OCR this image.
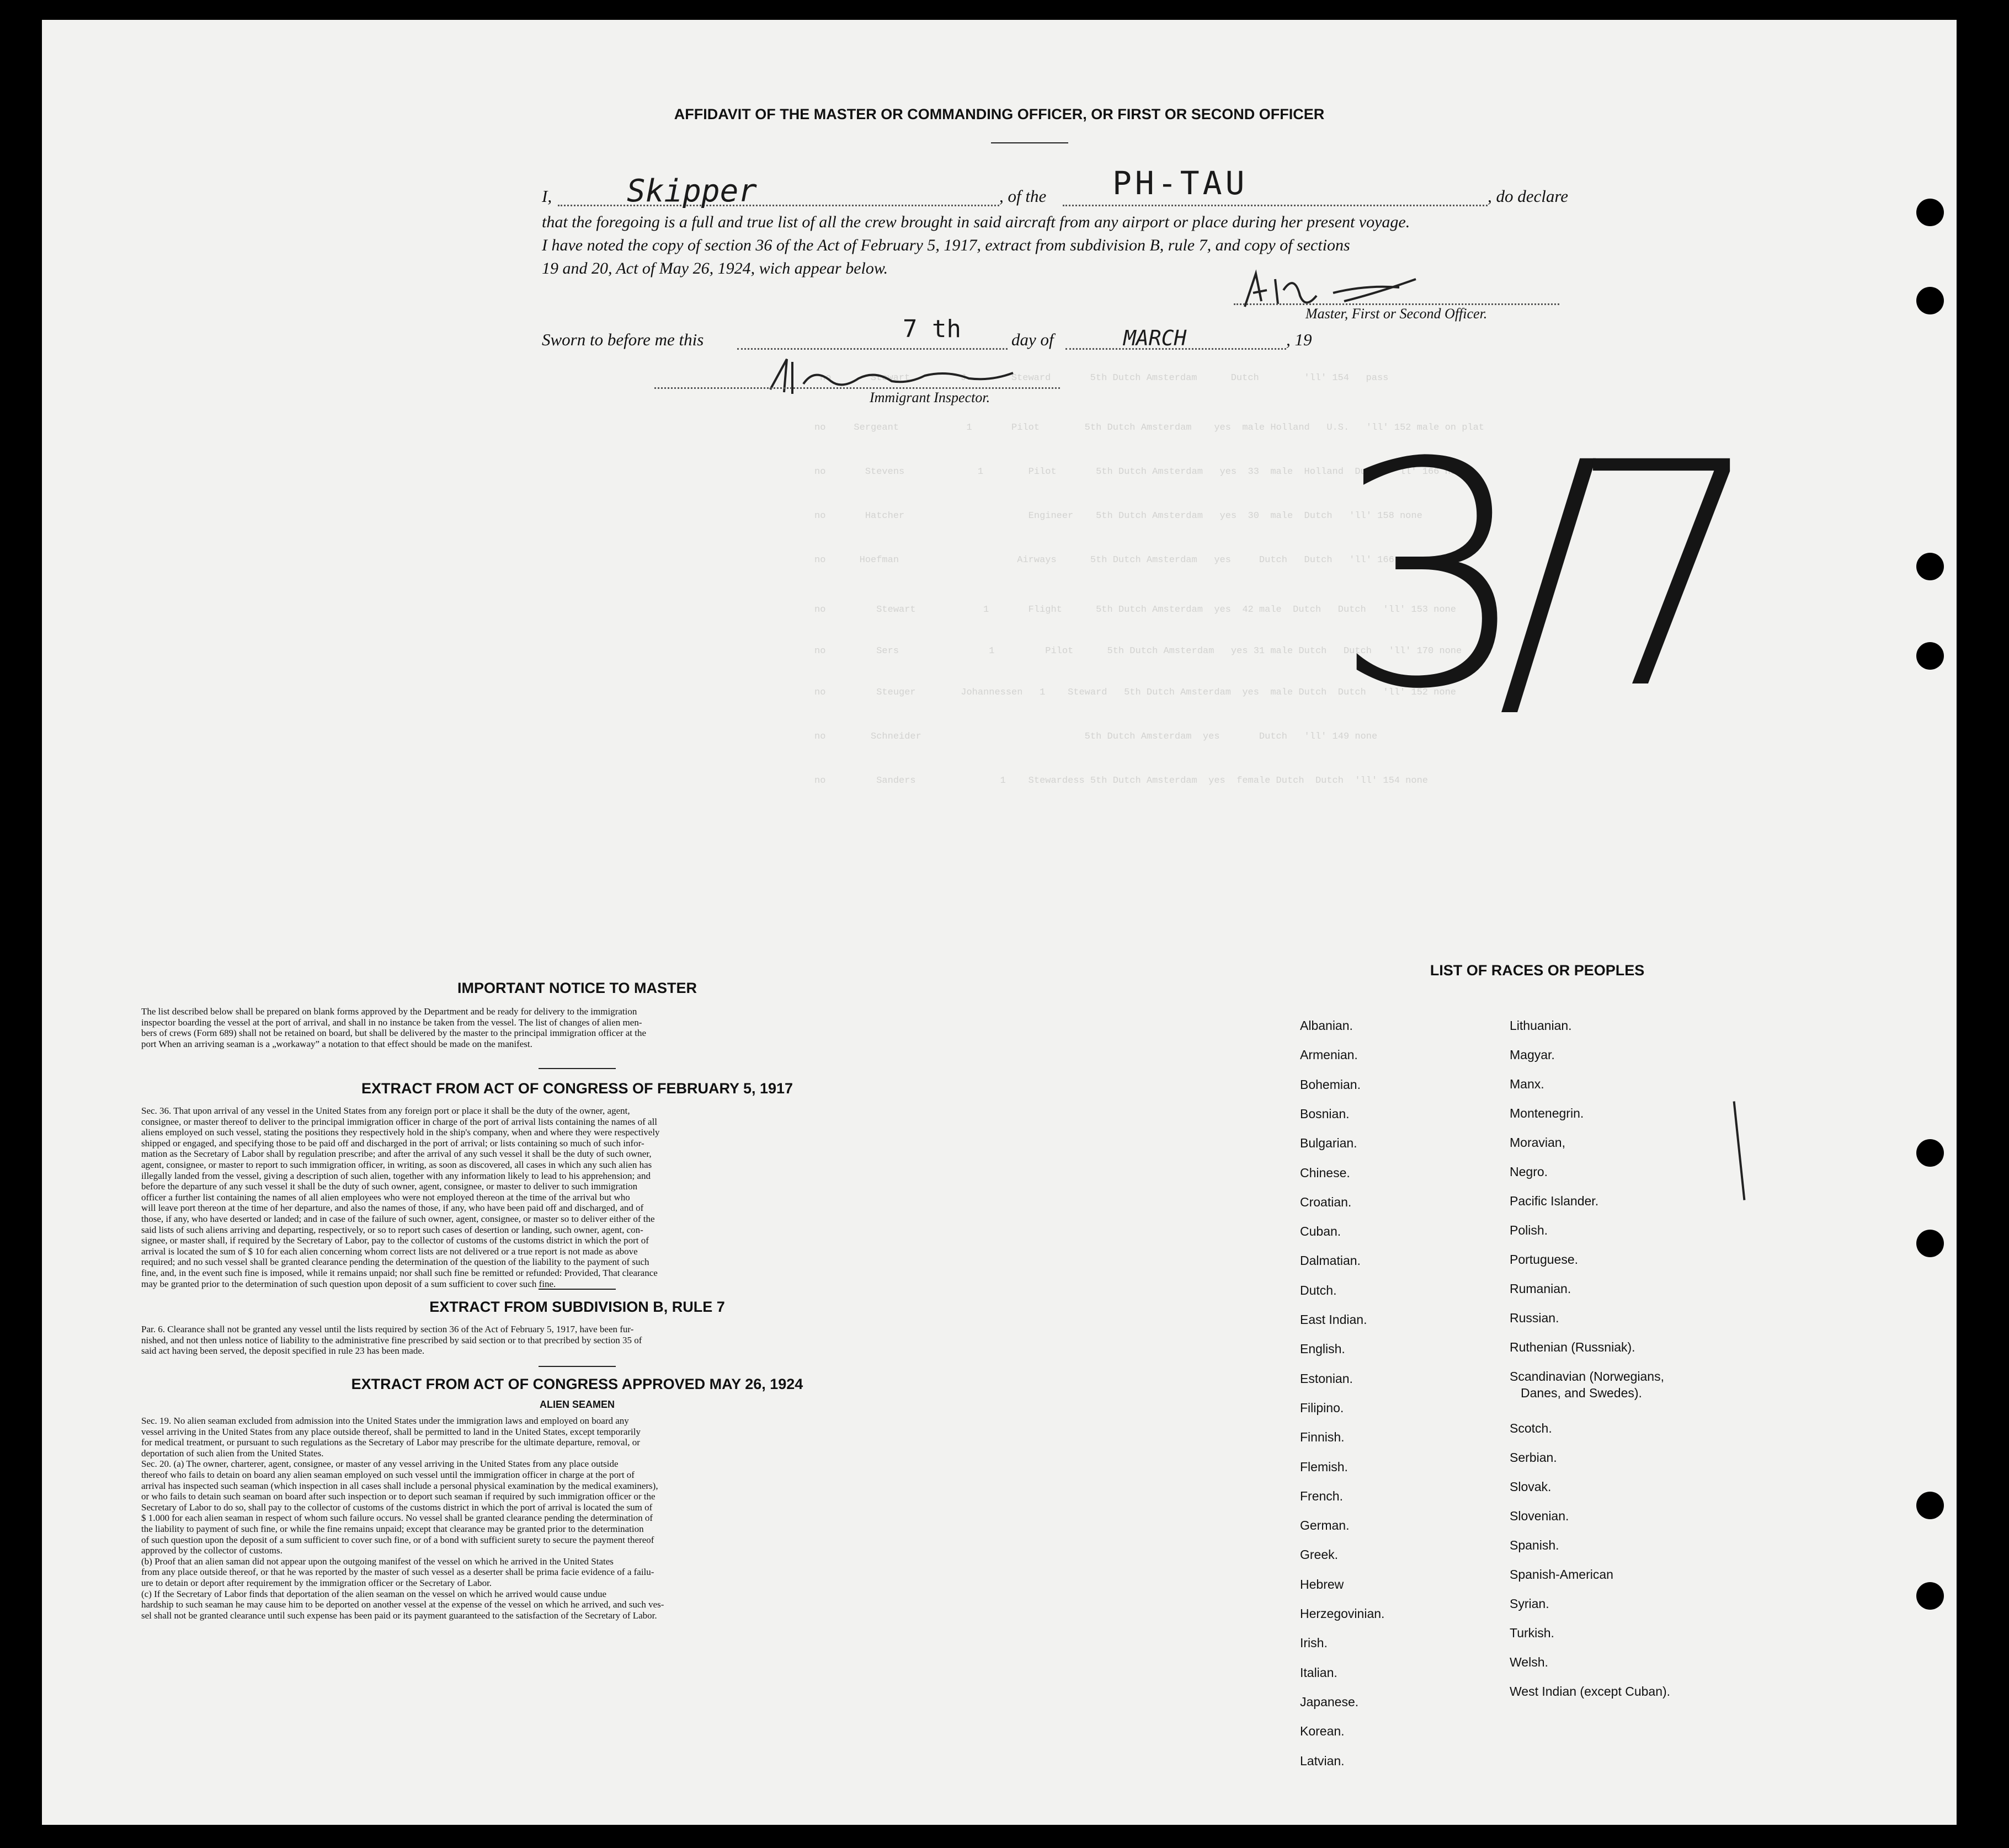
no       Stewart         J        Steward       5th Dutch Amsterdam      Dutch        'll' 154   pass
no     Sergeant            1       Pilot        5th Dutch Amsterdam    yes  male Holland   U.S.   'll' 152 male on plat
no       Stevens             1        Pilot       5th Dutch Amsterdam   yes  33  male  Holland  Dutch  'll' 166 none
no       Hatcher                      Engineer    5th Dutch Amsterdam   yes  30  male  Dutch   'll' 158 none
no      Hoefman                     Airways      5th Dutch Amsterdam   yes     Dutch   Dutch   'll' 166 none
no         Stewart            1       Flight      5th Dutch Amsterdam  yes  42 male  Dutch   Dutch   'll' 153 none
no         Sers                1         Pilot      5th Dutch Amsterdam   yes 31 male Dutch   Dutch   'll' 170 none
no         Steuger        Johannessen   1    Steward   5th Dutch Amsterdam  yes  male Dutch  Dutch   'll' 152 none
no        Schneider                             5th Dutch Amsterdam  yes       Dutch   'll' 149 none
no         Sanders               1    Stewardess 5th Dutch Amsterdam  yes  female Dutch  Dutch  'll' 154 none
AFFIDAVIT OF THE MASTER OR COMMANDING OFFICER, OR FIRST OR SECOND OFFICER
I, Skipper	, of the PH-TAU	, do declare
that the foregoing is a full and true list of all the crew brought in said aircraft from any airport or place during her present voyage.
I have noted the copy of section 36 of the Act of February 5, 1917, extract from subdivision B, rule 7, and copy of sections
19 and 20, Act of May 26, 1924, wich appear below.
Master, First or Second Officer.
Sworn to before me this	7 th	day of	MARCH	, 19
Immigrant Inspector. 3/7
IMPORTANT NOTICE TO MASTER
The list described below shall be prepared on blank forms approved by the Department and be ready for delivery to the immigration
inspector boarding the vessel at the port of arrival, and shall in no instance be taken from the vessel. The list of changes of alien men-
bers of crews (Form 689) shall not be retained on board, but shall be delivered by the master to the principal immigration officer at the
port When an arriving seaman is a „workaway” a notation to that effect should be made on the manifest.
EXTRACT FROM ACT OF CONGRESS OF FEBRUARY 5, 1917
Sec. 36. That upon arrival of any vessel in the United States from any foreign port or place it shall be the duty of the owner, agent,
consignee, or master thereof to deliver to the principal immigration officer in charge of the port of arrival lists containing the names of all
aliens employed on such vessel, stating the positions they respectively hold in the ship's company, when and where they were respectively
shipped or engaged, and specifying those to be paid off and discharged in the port of arrival; or lists containing so much of such infor-
mation as the Secretary of Labor shall by regulation prescribe; and after the arrival of any such vessel it shall be the duty of such owner,
agent, consignee, or master to report to such immigration officer, in writing, as soon as discovered, all cases in which any such alien has
illegally landed from the vessel, giving a description of such alien, together with any information likely to lead to his apprehension; and
before the departure of any such vessel it shall be the duty of such owner, agent, consignee, or master to deliver to such immigration
officer a further list containing the names of all alien employees who were not employed thereon at the time of the arrival but who
will leave port thereon at the time of her departure, and also the names of those, if any, who have been paid off and discharged, and of
those, if any, who have deserted or landed; and in case of the failure of such owner, agent, consignee, or master so to deliver either of the
said lists of such aliens arriving and departing, respectively, or so to report such cases of desertion or landing, such owner, agent, con-
signee, or master shall, if required by the Secretary of Labor, pay to the collector of customs of the customs district in which the port of
arrival is located the sum of $ 10 for each alien concerning whom correct lists are not delivered or a true report is not made as above
required; and no such vessel shall be granted clearance pending the determination of the question of the liability to the payment of such
fine, and, in the event such fine is imposed, while it remains unpaid; nor shall such fine be remitted or refunded: Provided, That clearance
may be granted prior to the determination of such question upon deposit of a sum sufficient to cover such fine.
EXTRACT FROM SUBDIVISION B, RULE 7
Par. 6. Clearance shall not be granted any vessel until the lists required by section 36 of the Act of February 5, 1917, have been fur-
nished, and not then unless notice of liability to the administrative fine prescribed by said section or to that precribed by section 35 of
said act having been served, the deposit specified in rule 23 has been made.
EXTRACT FROM ACT OF CONGRESS APPROVED MAY 26, 1924
ALIEN SEAMEN
Sec. 19. No alien seaman excluded from admission into the United States under the immigration laws and employed on board any
vessel arriving in the United States from any place outside thereof, shall be permitted to land in the United States, except temporarily
for medical treatment, or pursuant to such regulations as the Secretary of Labor may prescribe for the ultimate departure, removal, or
deportation of such alien from the United States.
Sec. 20. (a) The owner, charterer, agent, consignee, or master of any vessel arriving in the United States from any place outside
thereof who fails to detain on board any alien seaman employed on such vessel until the immigration officer in charge at the port of
arrival has inspected such seaman (which inspection in all cases shall include a personal physical examination by the medical examiners),
or who fails to detain such seaman on board after such inspection or to deport such seaman if required by such immigration officer or the
Secretary of Labor to do so, shall pay to the collector of customs of the customs district in which the port of arrival is located the sum of
$ 1.000 for each alien seaman in respect of whom such failure occurs. No vessel shall be granted clearance pending the determination of
the liability to payment of such fine, or while the fine remains unpaid; except that clearance may be granted prior to the determination
of such question upon the deposit of a sum sufficient to cover such fine, or of a bond with sufficient surety to secure the payment thereof
approved by the collector of customs.
(b) Proof that an alien saman did not appear upon the outgoing manifest of the vessel on which he arrived in the United States
from any place outside thereof, or that he was reported by the master of such vessel as a deserter shall be prima facie evidence of a failu-
ure to detain or deport after requirement by the immigration officer or the Secretary of Labor.
(c) If the Secretary of Labor finds that deportation of the alien seaman on the vessel on which he arrived would cause undue
hardship to such seaman he may cause him to be deported on another vessel at the expense of the vessel on which he arrived, and such ves-
sel shall not be granted clearance until such expense has been paid or its payment guaranteed to the satisfaction of the Secretary of Labor.
LIST OF RACES OR PEOPLES
Albanian.
Armenian.
Bohemian.
Bosnian.
Bulgarian.
Chinese.
Croatian.
Cuban.
Dalmatian.
Dutch.
East Indian.
English.
Estonian.
Filipino.
Finnish.
Flemish.
French.
German.
Greek.
Hebrew
Herzegovinian.
Irish.
Italian.
Japanese.
Korean.
Latvian.
Lithuanian.
Magyar.
Manx.
Montenegrin.
Moravian,
Negro.
Pacific Islander.
Polish.
Portuguese.
Rumanian.
Russian.
Ruthenian (Russniak).
Scandinavian (Norwegians,
Danes, and Swedes).
Scotch.
Serbian.
Slovak.
Slovenian.
Spanish.
Spanish-American
Syrian.
Turkish.
Welsh.
West Indian (except Cuban).
